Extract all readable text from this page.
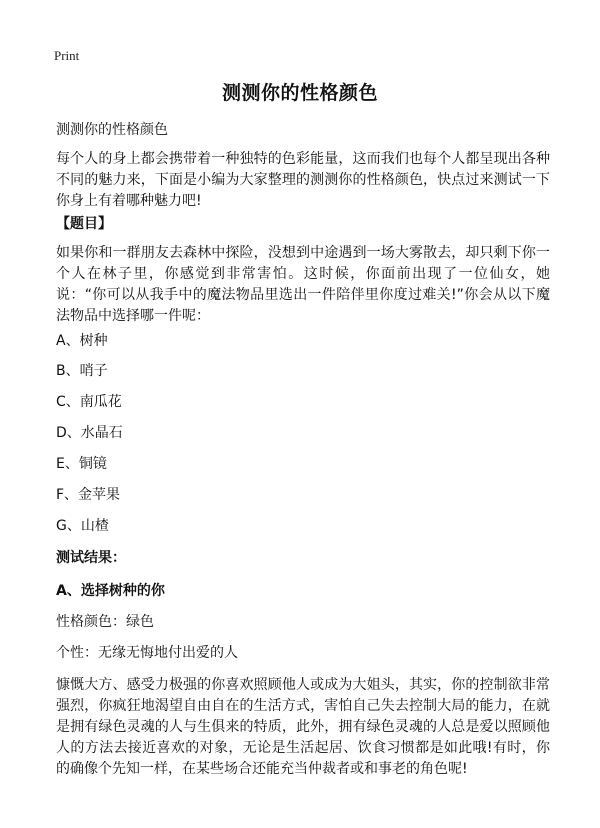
Print
测测你的性格颜色
测测你的性格颜色
每个人的身上都会携带着一种独特的色彩能量，这而我们也每个人都呈现出各种不同的魅力来，下面是小编为大家整理的测测你的性格颜色，快点过来测试一下你身上有着哪种魅力吧!
【题目】
如果你和一群朋友去森林中探险，没想到中途遇到一场大雾散去，却只剩下你一个人在林子里，你感觉到非常害怕。这时候，你面前出现了一位仙女，她说：“你可以从我手中的魔法物品里选出一件陪伴里你度过难关!”你会从以下魔法物品中选择哪一件呢：
A、树种
B、哨子
C、南瓜花
D、水晶石
E、铜镜
F、金苹果
G、山楂
测试结果：
A、选择树种的你
性格颜色：绿色
个性：无缘无悔地付出爱的人
慷慨大方、感受力极强的你喜欢照顾他人或成为大姐头，其实，你的控制欲非常强烈，你疯狂地渴望自由自在的生活方式，害怕自己失去控制大局的能力，在就是拥有绿色灵魂的人与生俱来的特质，此外，拥有绿色灵魂的人总是爱以照顾他人的方法去接近喜欢的对象，无论是生活起居、饮食习惯都是如此哦!有时，你的确像个先知一样，在某些场合还能充当仲裁者或和事老的角色呢!
